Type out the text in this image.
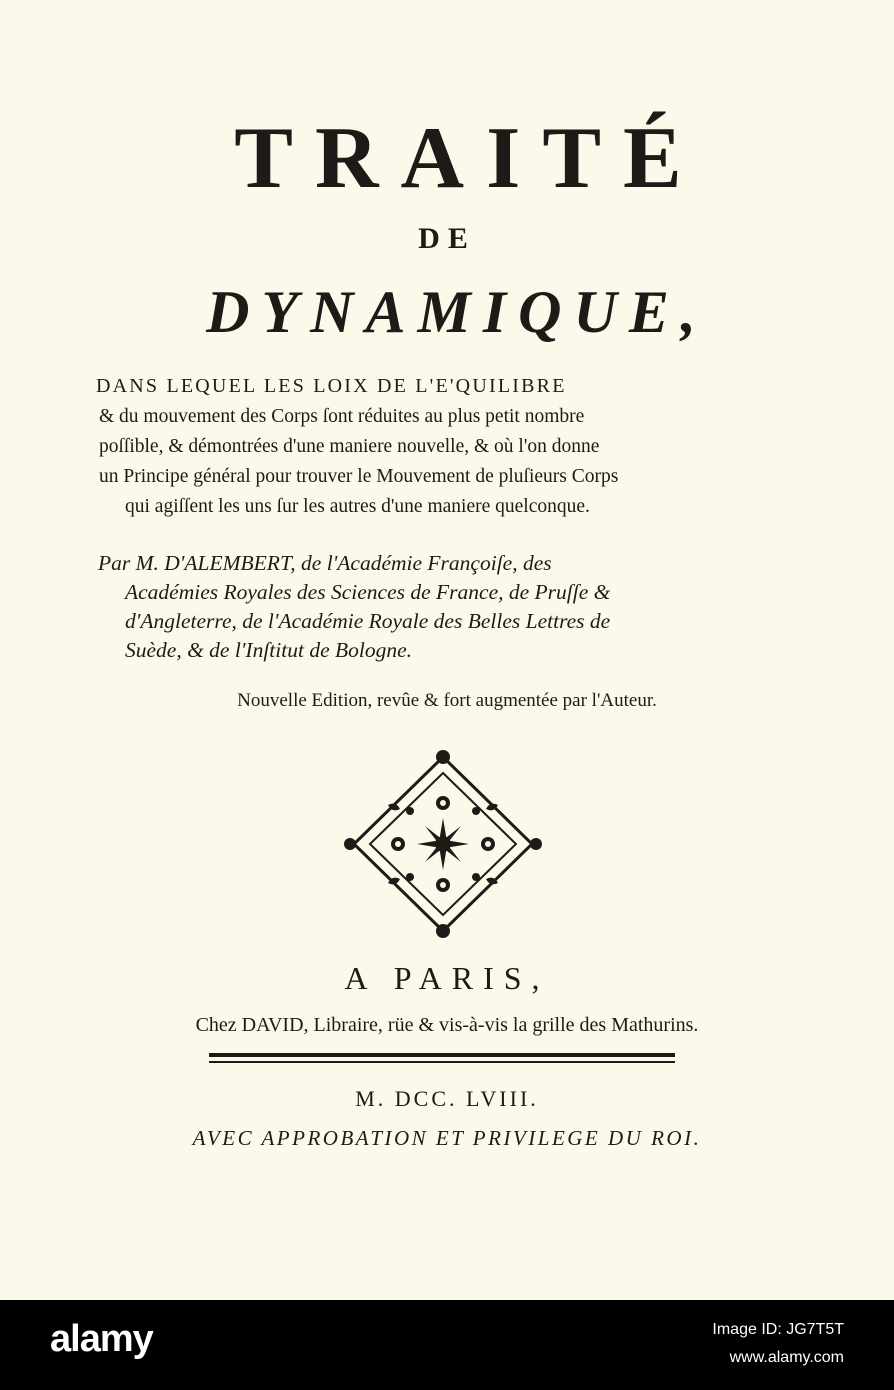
TRAITÉ
DE
DYNAMIQUE,
DANS LEQUEL LES LOIX DE L'E'QUILIBRE
& du mouvement des Corps ſont réduites au plus petit nombre
poſſible, & démontrées d'une maniere nouvelle, & où l'on donne
un Principe général pour trouver le Mouvement de pluſieurs Corps
qui agiſſent les uns ſur les autres d'une maniere quelconque.
Par M. D'ALEMBERT, de l'Académie Françoiſe, des
Académies Royales des Sciences de France, de Pruſſe &
d'Angleterre, de l'Académie Royale des Belles Lettres de
Suède, & de l'Inſtitut de Bologne.
Nouvelle Edition, revûe & fort augmentée par l'Auteur.
A PARIS,
Chez DAVID, Libraire, rüe & vis-à-vis la grille des Mathurins.
M. DCC. LVIII.
AVEC APPROBATION ET PRIVILEGE DU ROI.
alamy	Image ID: JG7T5T
www.alamy.com
